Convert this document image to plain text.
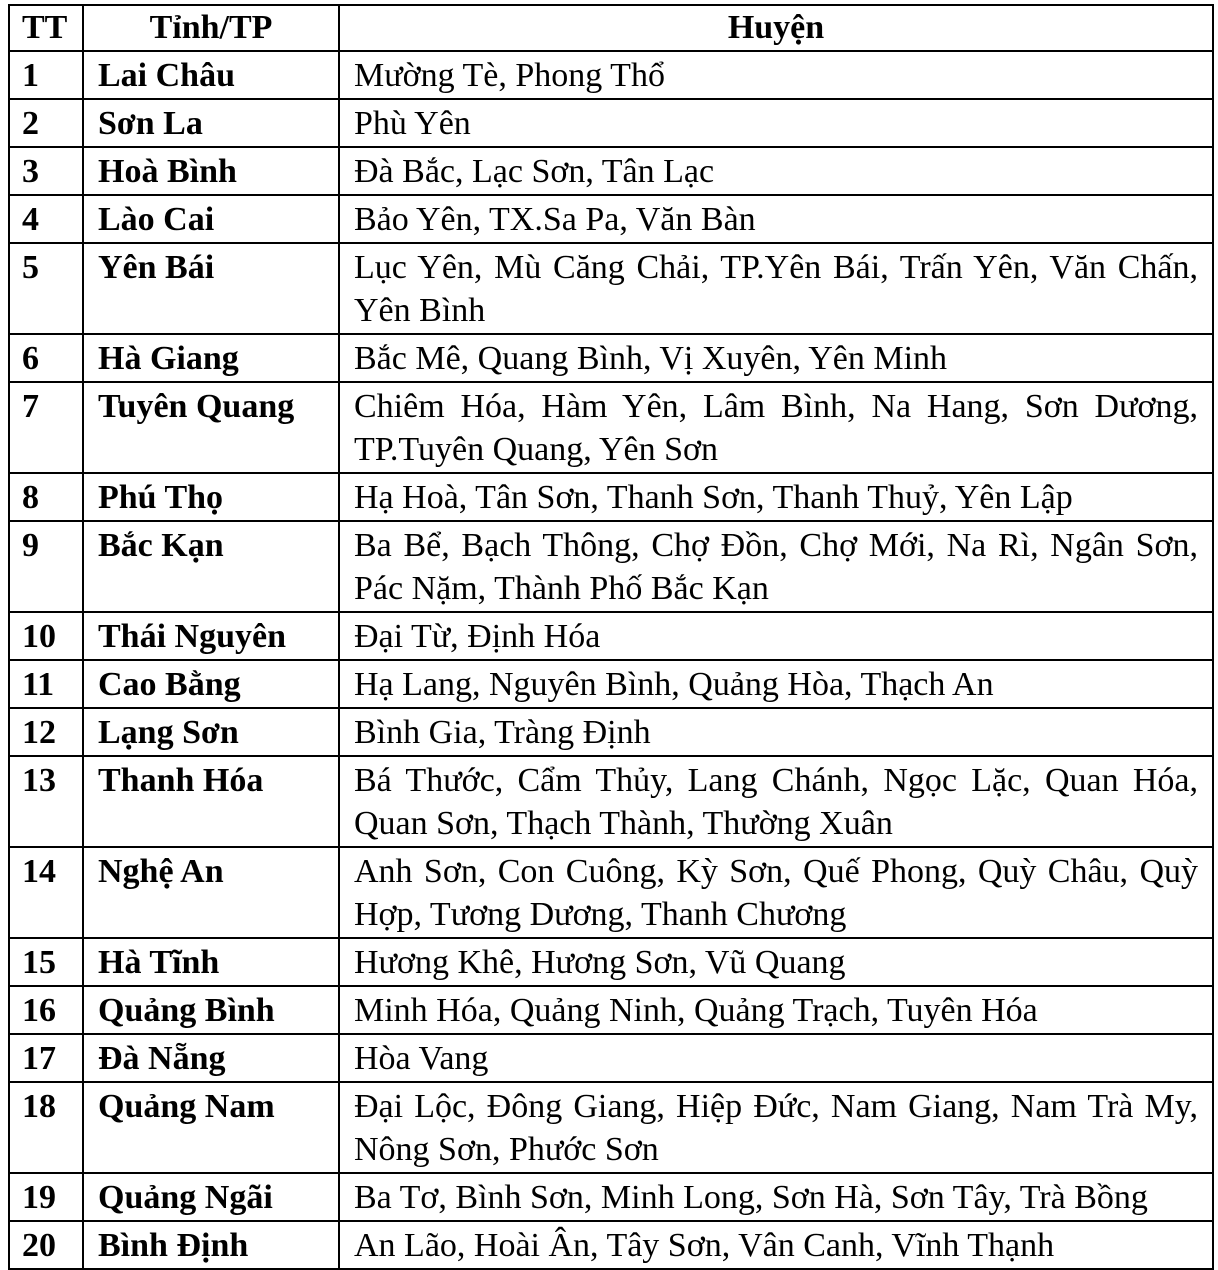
TT	Tỉnh/TP	Huyện
1	Lai Châu	Mường Tè, Phong Thổ
2	Sơn La	Phù Yên
3	Hoà Bình	Đà Bắc, Lạc Sơn, Tân Lạc
4	Lào Cai	Bảo Yên, TX.Sa Pa, Văn Bàn
5	Yên Bái	Lục Yên, Mù Căng Chải, TP.Yên Bái, Trấn Yên, Văn Chấn, Yên Bình
6	Hà Giang	Bắc Mê, Quang Bình, Vị Xuyên, Yên Minh
7	Tuyên Quang	Chiêm Hóa, Hàm Yên, Lâm Bình, Na Hang, Sơn Dương, TP.Tuyên Quang, Yên Sơn
8	Phú Thọ	Hạ Hoà, Tân Sơn, Thanh Sơn, Thanh Thuỷ, Yên Lập
9	Bắc Kạn	Ba Bể, Bạch Thông, Chợ Đồn, Chợ Mới, Na Rì, Ngân Sơn, Pác Nặm, Thành Phố Bắc Kạn
10	Thái Nguyên	Đại Từ, Định Hóa
11	Cao Bằng	Hạ Lang, Nguyên Bình, Quảng Hòa, Thạch An
12	Lạng Sơn	Bình Gia, Tràng Định
13	Thanh Hóa	Bá Thước, Cẩm Thủy, Lang Chánh, Ngọc Lặc, Quan Hóa, Quan Sơn, Thạch Thành, Thường Xuân
14	Nghệ An	Anh Sơn, Con Cuông, Kỳ Sơn, Quế Phong, Quỳ Châu, Quỳ Hợp, Tương Dương, Thanh Chương
15	Hà Tĩnh	Hương Khê, Hương Sơn, Vũ Quang
16	Quảng Bình	Minh Hóa, Quảng Ninh, Quảng Trạch, Tuyên Hóa
17	Đà Nẵng	Hòa Vang
18	Quảng Nam	Đại Lộc, Đông Giang, Hiệp Đức, Nam Giang, Nam Trà My, Nông Sơn, Phước Sơn
19	Quảng Ngãi	Ba Tơ, Bình Sơn, Minh Long, Sơn Hà, Sơn Tây, Trà Bồng
20	Bình Định	An Lão, Hoài Ân, Tây Sơn, Vân Canh, Vĩnh Thạnh
